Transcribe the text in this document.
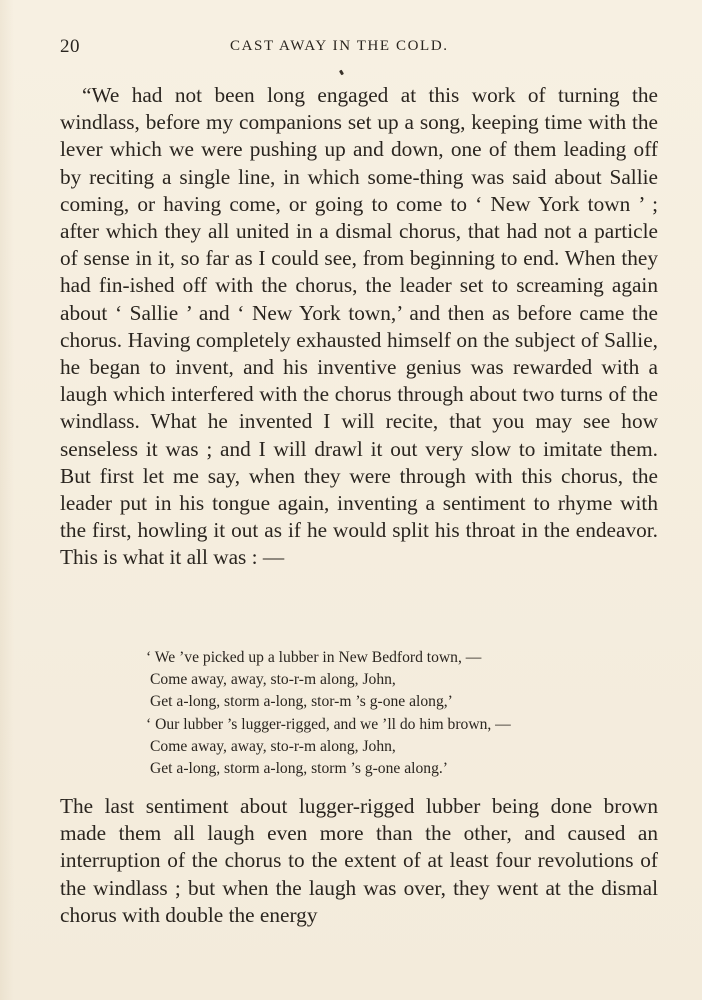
20	CAST AWAY IN THE COLD.

“We had not been long engaged at this work of turning the windlass, before my companions set up a song, keeping time with the lever which we were pushing up and down, one of them leading off by reciting a single line, in which some-thing was said about Sallie coming, or having come, or going to come to ‘ New York town ’ ; after which they all united in a dismal chorus, that had not a particle of sense in it, so far as I could see, from beginning to end. When they had fin-ished off with the chorus, the leader set to screaming again about ‘ Sallie ’ and ‘ New York town,’ and then as before came the chorus. Having completely exhausted himself on the subject of Sallie, he began to invent, and his inventive genius was rewarded with a laugh which interfered with the chorus through about two turns of the windlass. What he invented I will recite, that you may see how senseless it was ; and I will drawl it out very slow to imitate them. But first let me say, when they were through with this chorus, the leader put in his tongue again, inventing a sentiment to rhyme with the first, howling it out as if he would split his throat in the endeavor. This is what it all was : —

‘ We ’ve picked up a lubber in New Bedford town, —
Come away, away, sto-r-m along, John,
Get a-long, storm a-long, stor-m ’s g-one along,’
‘ Our lubber ’s lugger-rigged, and we ’ll do him brown, —
Come away, away, sto-r-m along, John,
Get a-long, storm a-long, storm ’s g-one along.’

The last sentiment about lugger-rigged lubber being done brown made them all laugh even more than the other, and caused an interruption of the chorus to the extent of at least four revolutions of the windlass ; but when the laugh was over, they went at the dismal chorus with double the energy
